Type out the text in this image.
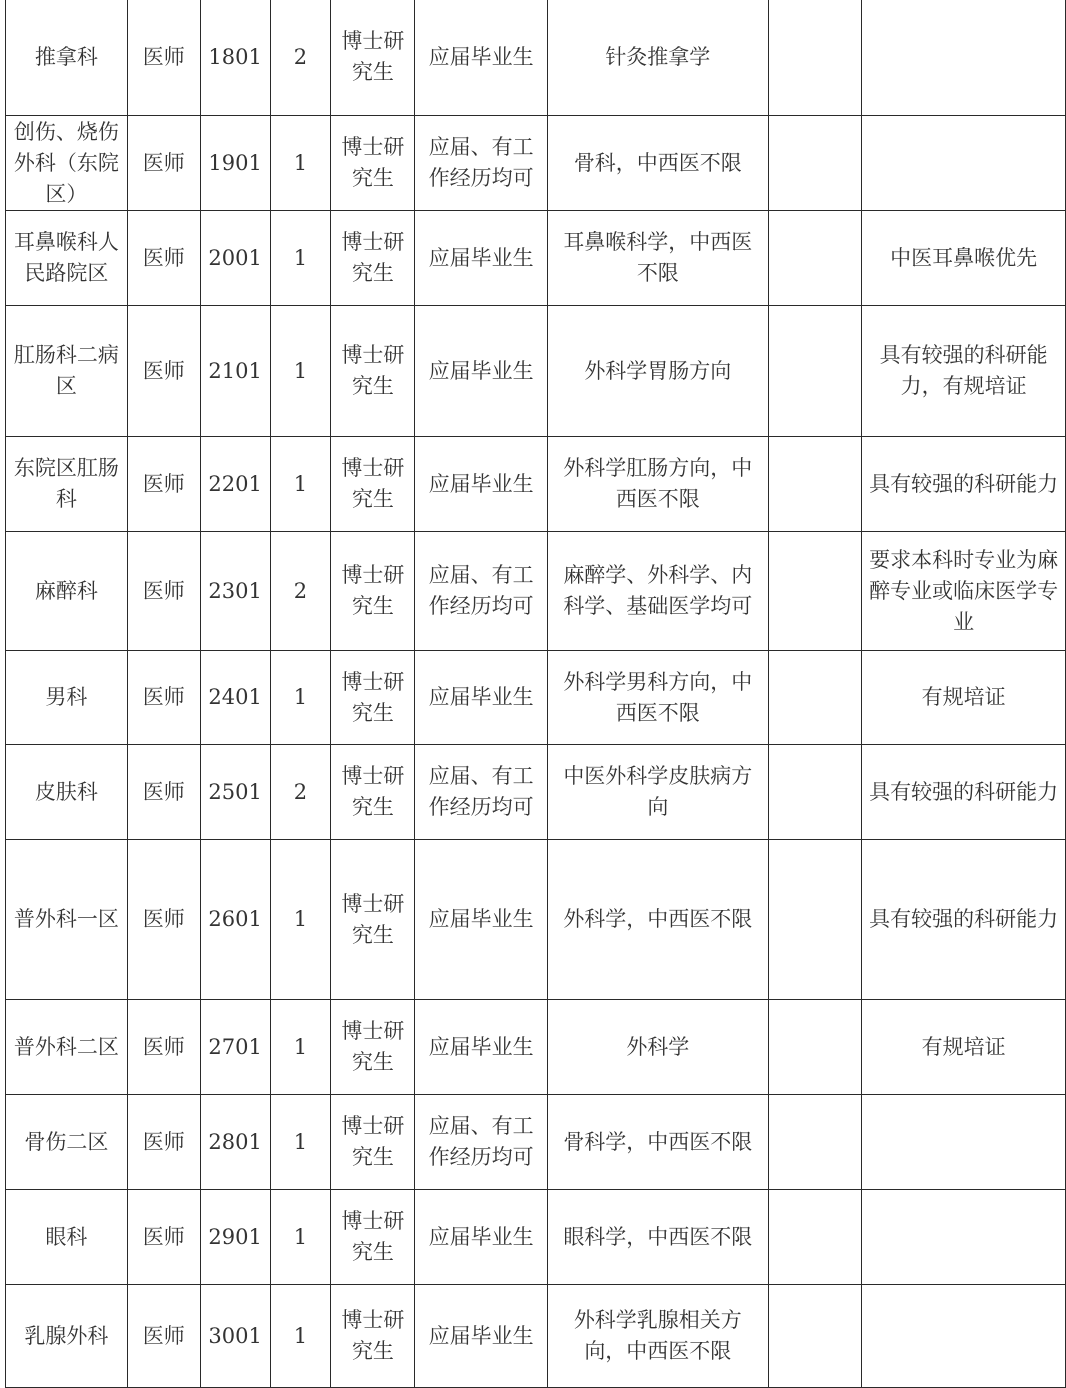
推拿科	医师	1801	2	博士研究生	应届毕业生	针灸推拿学		
创伤、烧伤外科（东院区）	医师	1901	1	博士研究生	应届、有工作经历均可	骨科，中西医不限		
耳鼻喉科人民路院区	医师	2001	1	博士研究生	应届毕业生	耳鼻喉科学，中西医不限		中医耳鼻喉优先
肛肠科二病区	医师	2101	1	博士研究生	应届毕业生	外科学胃肠方向		具有较强的科研能力，有规培证
东院区肛肠科	医师	2201	1	博士研究生	应届毕业生	外科学肛肠方向，中西医不限		具有较强的科研能力
麻醉科	医师	2301	2	博士研究生	应届、有工作经历均可	麻醉学、外科学、内科学、基础医学均可		要求本科时专业为麻醉专业或临床医学专业
男科	医师	2401	1	博士研究生	应届毕业生	外科学男科方向，中西医不限		有规培证
皮肤科	医师	2501	2	博士研究生	应届、有工作经历均可	中医外科学皮肤病方向		具有较强的科研能力
普外科一区	医师	2601	1	博士研究生	应届毕业生	外科学，中西医不限		具有较强的科研能力
普外科二区	医师	2701	1	博士研究生	应届毕业生	外科学		有规培证
骨伤二区	医师	2801	1	博士研究生	应届、有工作经历均可	骨科学，中西医不限		
眼科	医师	2901	1	博士研究生	应届毕业生	眼科学，中西医不限		
乳腺外科	医师	3001	1	博士研究生	应届毕业生	外科学乳腺相关方向，中西医不限		
